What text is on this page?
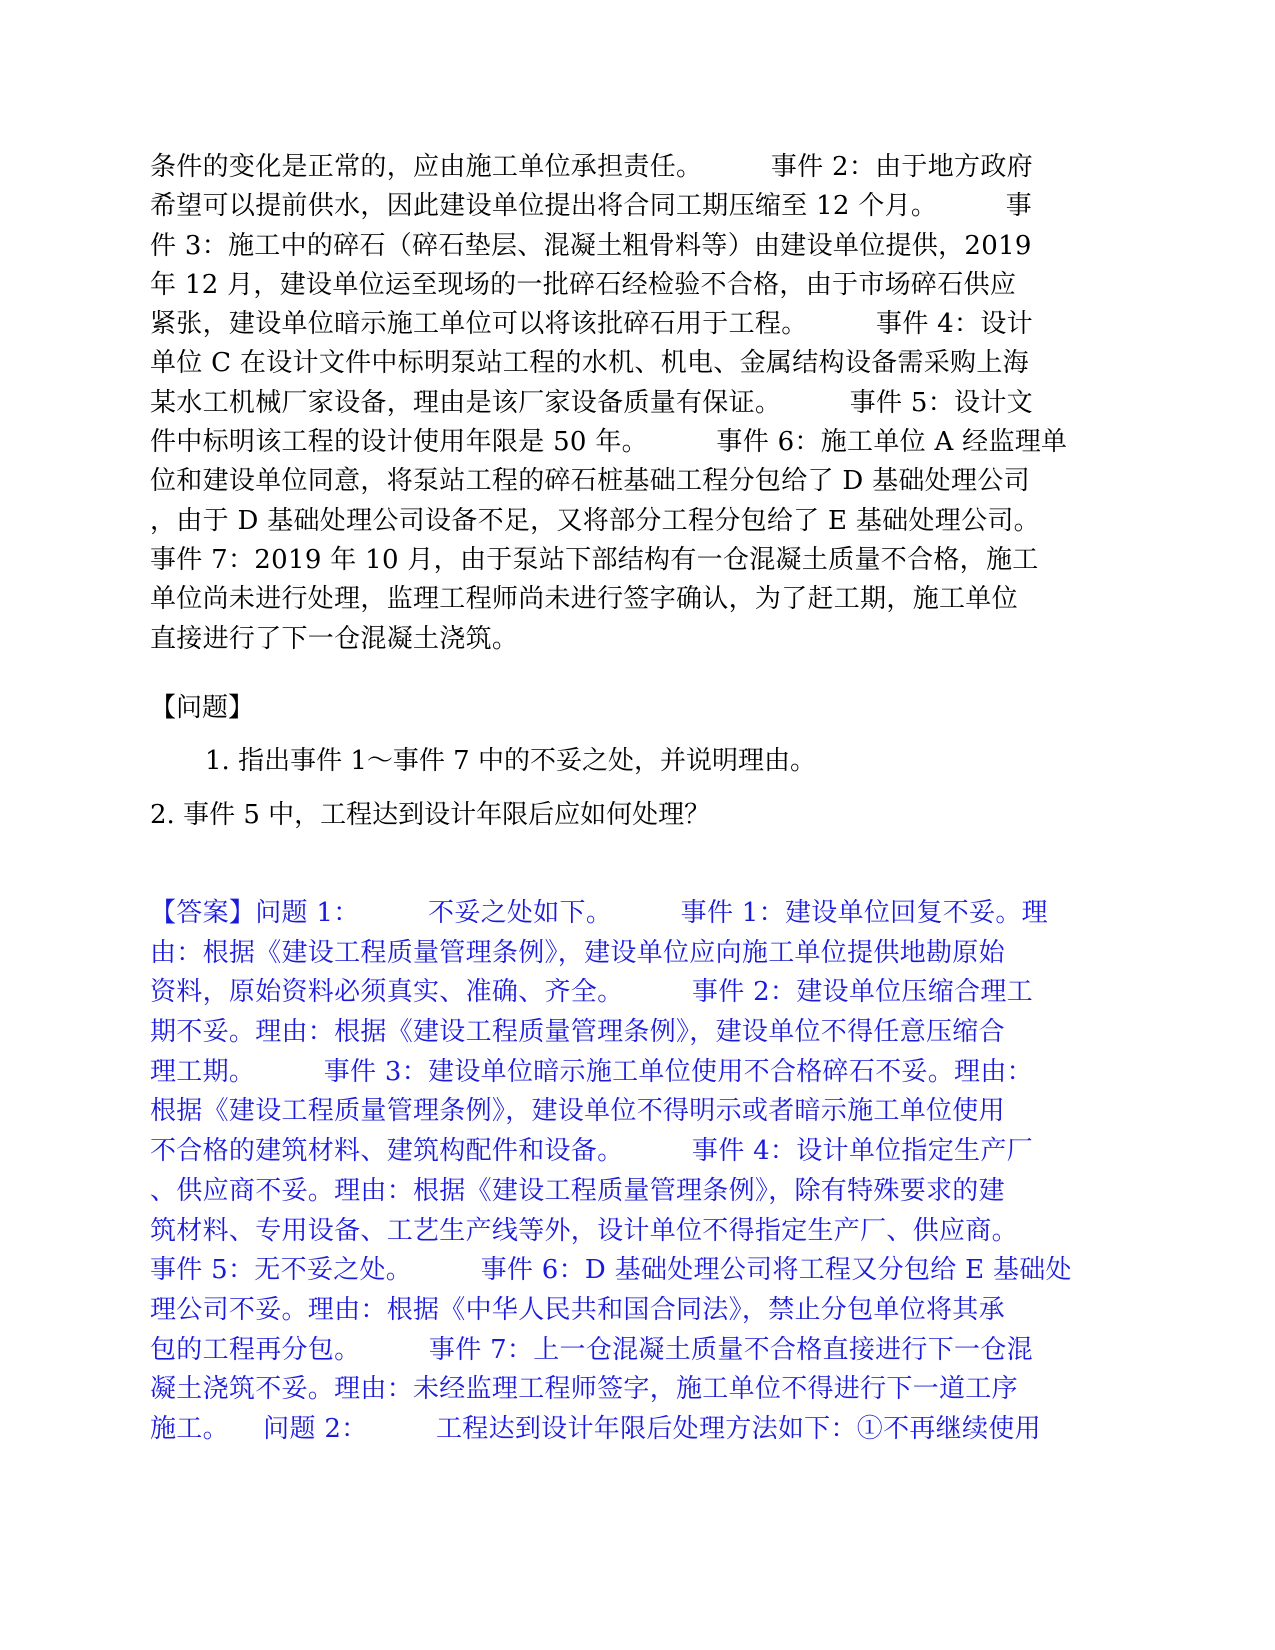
条件的变化是正常的，应由施工单位承担责任。        事件 2：由于地方政府
希望可以提前供水，因此建设单位提出将合同工期压缩至 12 个月。        事
件 3：施工中的碎石（碎石垫层、混凝土粗骨料等）由建设单位提供，2019
年 12 月，建设单位运至现场的一批碎石经检验不合格，由于市场碎石供应
紧张，建设单位暗示施工单位可以将该批碎石用于工程。        事件 4：设计
单位 C 在设计文件中标明泵站工程的水机、机电、金属结构设备需采购上海
某水工机械厂家设备，理由是该厂家设备质量有保证。        事件 5：设计文
件中标明该工程的设计使用年限是 50 年。        事件 6：施工单位 A 经监理单
位和建设单位同意，将泵站工程的碎石桩基础工程分包给了 D 基础处理公司
，由于 D 基础处理公司设备不足，又将部分工程分包给了 E 基础处理公司。
事件 7：2019 年 10 月，由于泵站下部结构有一仓混凝土质量不合格，施工
单位尚未进行处理，监理工程师尚未进行签字确认，为了赶工期，施工单位
直接进行了下一仓混凝土浇筑。
【问题】
1. 指出事件 1～事件 7 中的不妥之处，并说明理由。
2. 事件 5 中，工程达到设计年限后应如何处理？
【答案】问题 1：        不妥之处如下。        事件 1：建设单位回复不妥。理
由：根据《建设工程质量管理条例》，建设单位应向施工单位提供地勘原始
资料，原始资料必须真实、准确、齐全。        事件 2：建设单位压缩合理工
期不妥。理由：根据《建设工程质量管理条例》，建设单位不得任意压缩合
理工期。        事件 3：建设单位暗示施工单位使用不合格碎石不妥。理由：
根据《建设工程质量管理条例》，建设单位不得明示或者暗示施工单位使用
不合格的建筑材料、建筑构配件和设备。        事件 4：设计单位指定生产厂
、供应商不妥。理由：根据《建设工程质量管理条例》，除有特殊要求的建
筑材料、专用设备、工艺生产线等外，设计单位不得指定生产厂、供应商。
事件 5：无不妥之处。        事件 6：D 基础处理公司将工程又分包给 E 基础处
理公司不妥。理由：根据《中华人民共和国合同法》，禁止分包单位将其承
包的工程再分包。        事件 7：上一仓混凝土质量不合格直接进行下一仓混
凝土浇筑不妥。理由：未经监理工程师签字，施工单位不得进行下一道工序
施工。    问题 2：        工程达到设计年限后处理方法如下：①不再继续使用
